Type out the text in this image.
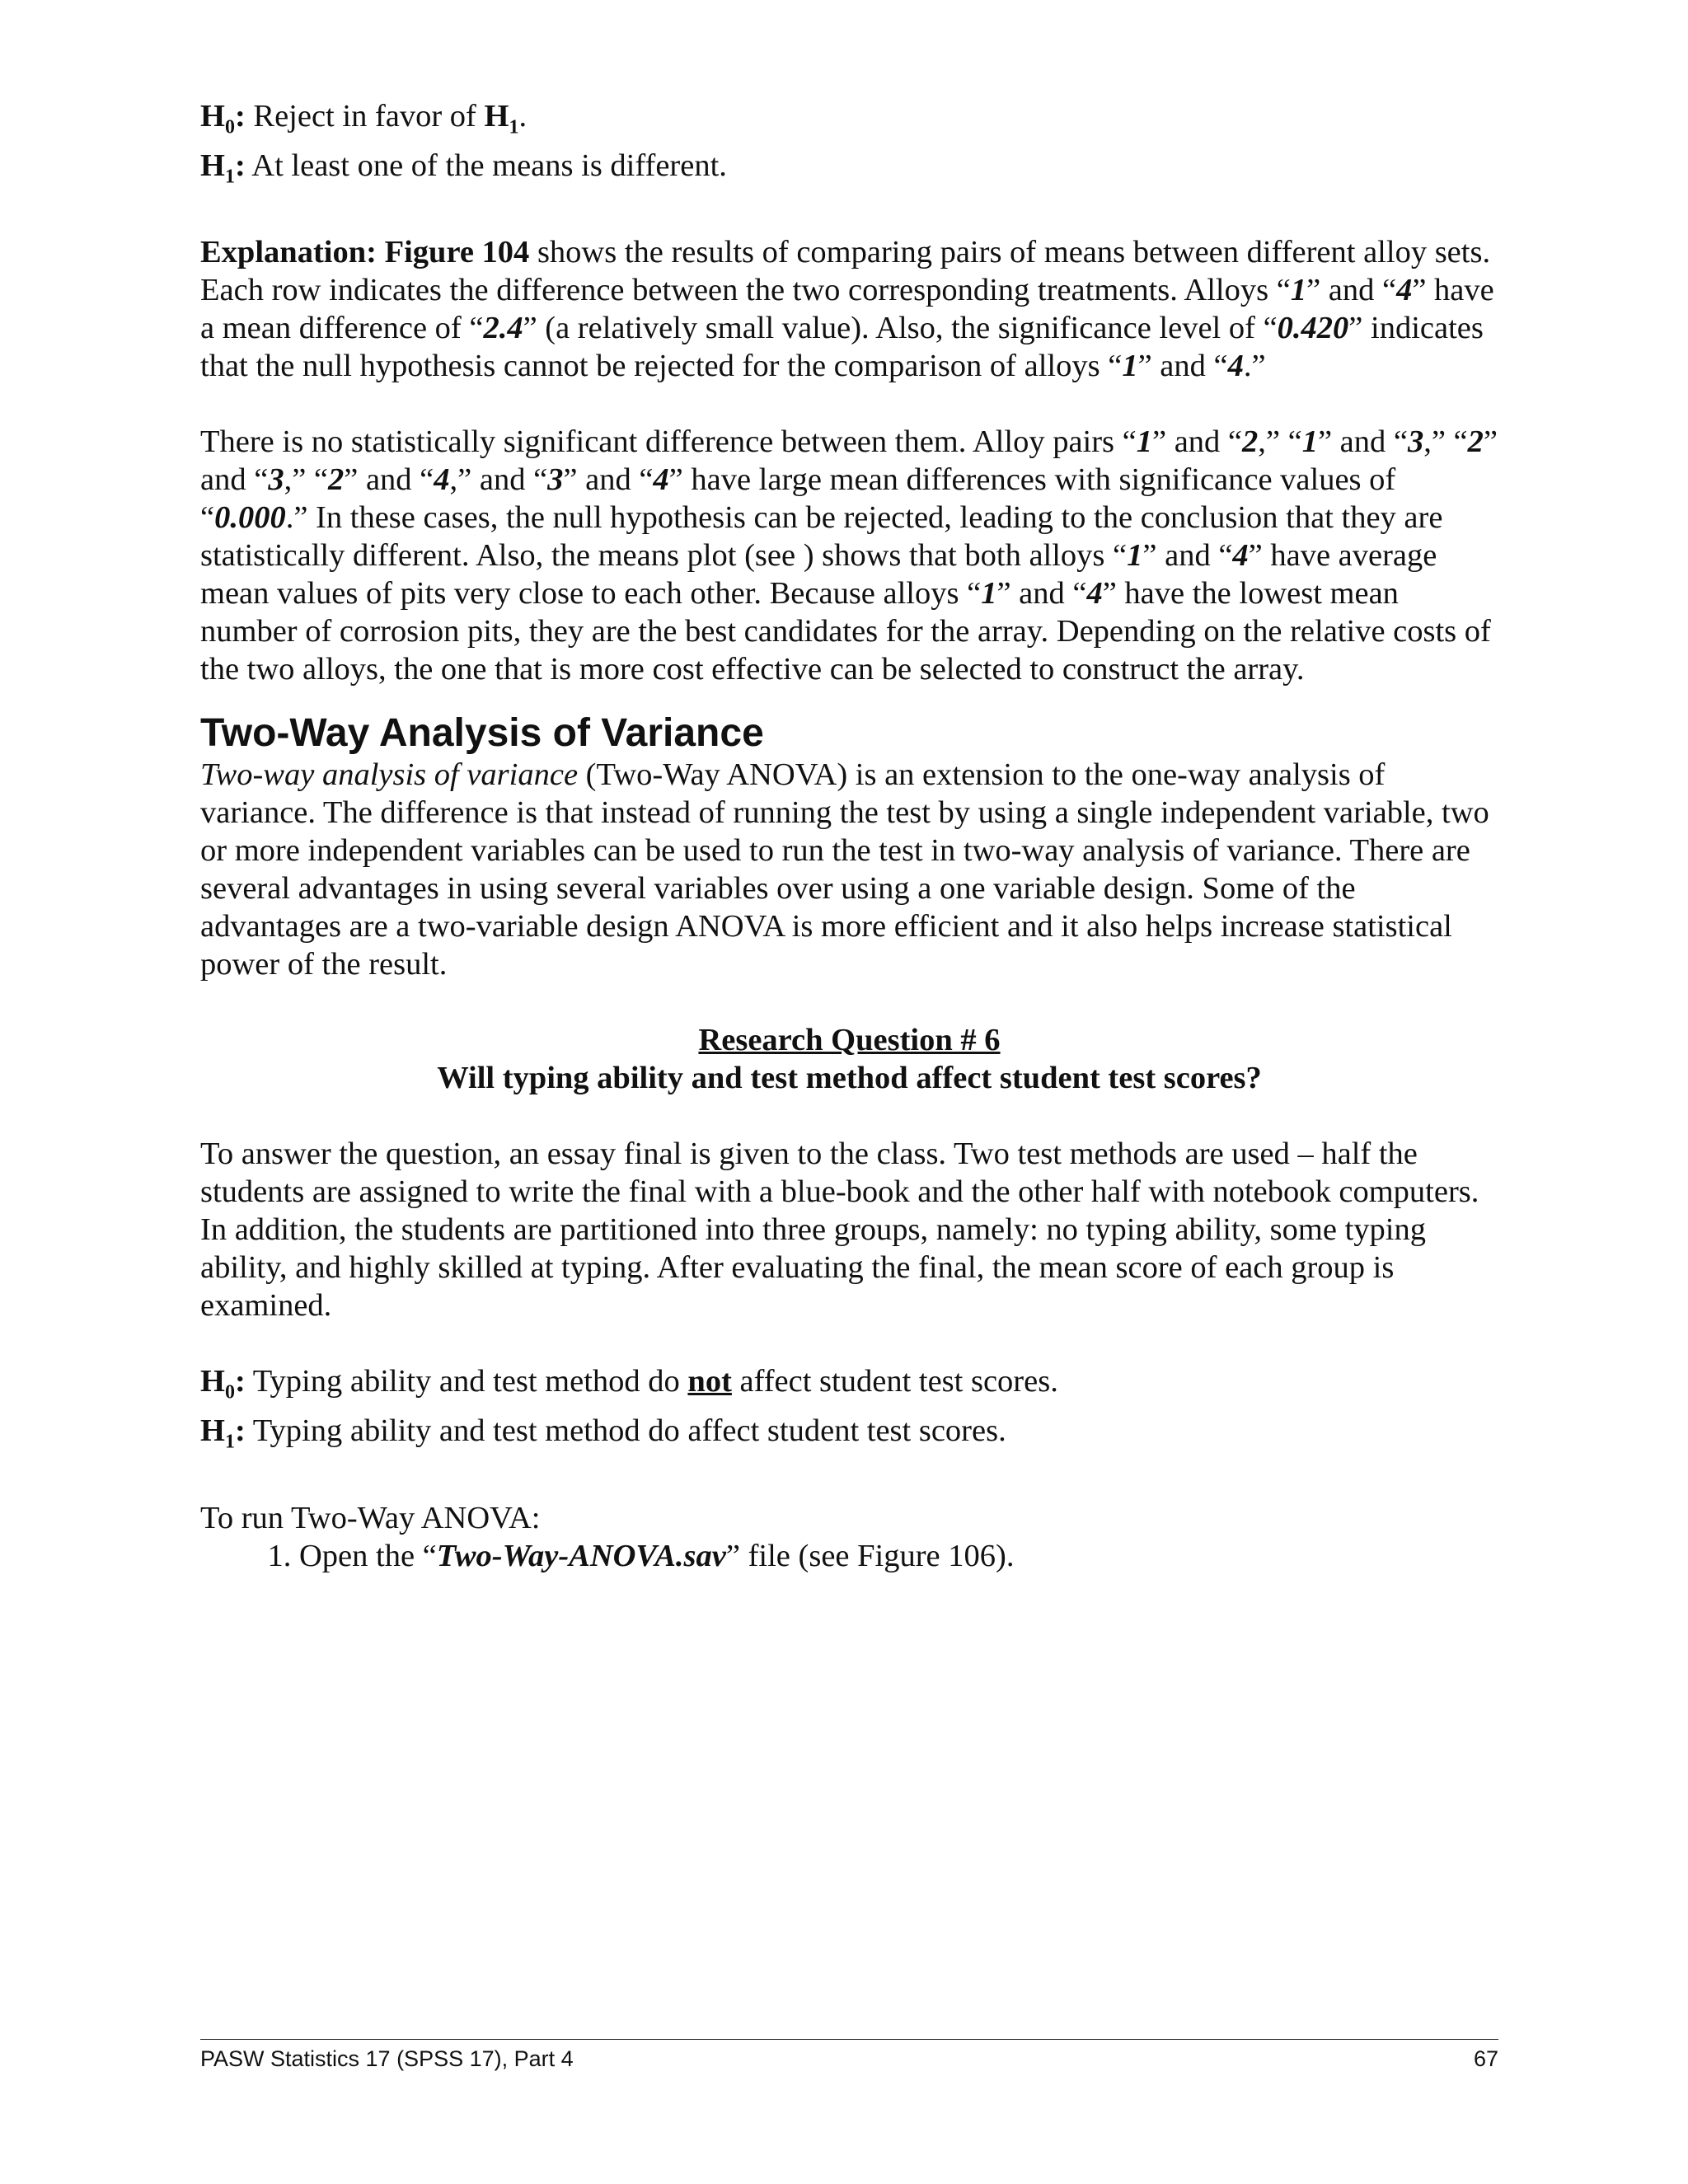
$H_0$: Reject in favor of $H_1$.

$H_1$: At least one of the means is different.

Explanation: Figure 104 shows the results of comparing pairs of means between different alloy sets. Each row indicates the difference between the two corresponding treatments. Alloys “1” and “4” have a mean difference of “2.4” (a relatively small value). Also, the significance level of “0.420” indicates that the null hypothesis cannot be rejected for the comparison of alloys “1” and “4.”

There is no statistically significant difference between them. Alloy pairs “1” and “2,” “1” and “3,” “2” and “3,” “2” and “4,” and “3” and “4” have large mean differences with significance values of “0.000.” In these cases, the null hypothesis can be rejected, leading to the conclusion that they are statistically different. Also, the means plot (see ) shows that both alloys “1” and “4” have average mean values of pits very close to each other. Because alloys “1” and “4” have the lowest mean number of corrosion pits, they are the best candidates for the array. Depending on the relative costs of the two alloys, the one that is more cost effective can be selected to construct the array.

Two-Way Analysis of Variance

Two-way analysis of variance (Two-Way ANOVA) is an extension to the one-way analysis of variance. The difference is that instead of running the test by using a single independent variable, two or more independent variables can be used to run the test in two-way analysis of variance. There are several advantages in using several variables over using a one variable design. Some of the advantages are a two-variable design ANOVA is more efficient and it also helps increase statistical power of the result.

Research Question # 6

Will typing ability and test method affect student test scores?

To answer the question, an essay final is given to the class. Two test methods are used – half the students are assigned to write the final with a blue-book and the other half with notebook computers. In addition, the students are partitioned into three groups, namely: no typing ability, some typing ability, and highly skilled at typing. After evaluating the final, the mean score of each group is examined.

$H_0$: Typing ability and test method do not affect student test scores.

$H_1$: Typing ability and test method do affect student test scores.

To run Two-Way ANOVA:

1. Open the “Two-Way-ANOVA.sav” file (see Figure 106).
PASW Statistics 17 (SPSS 17), Part 4	67
